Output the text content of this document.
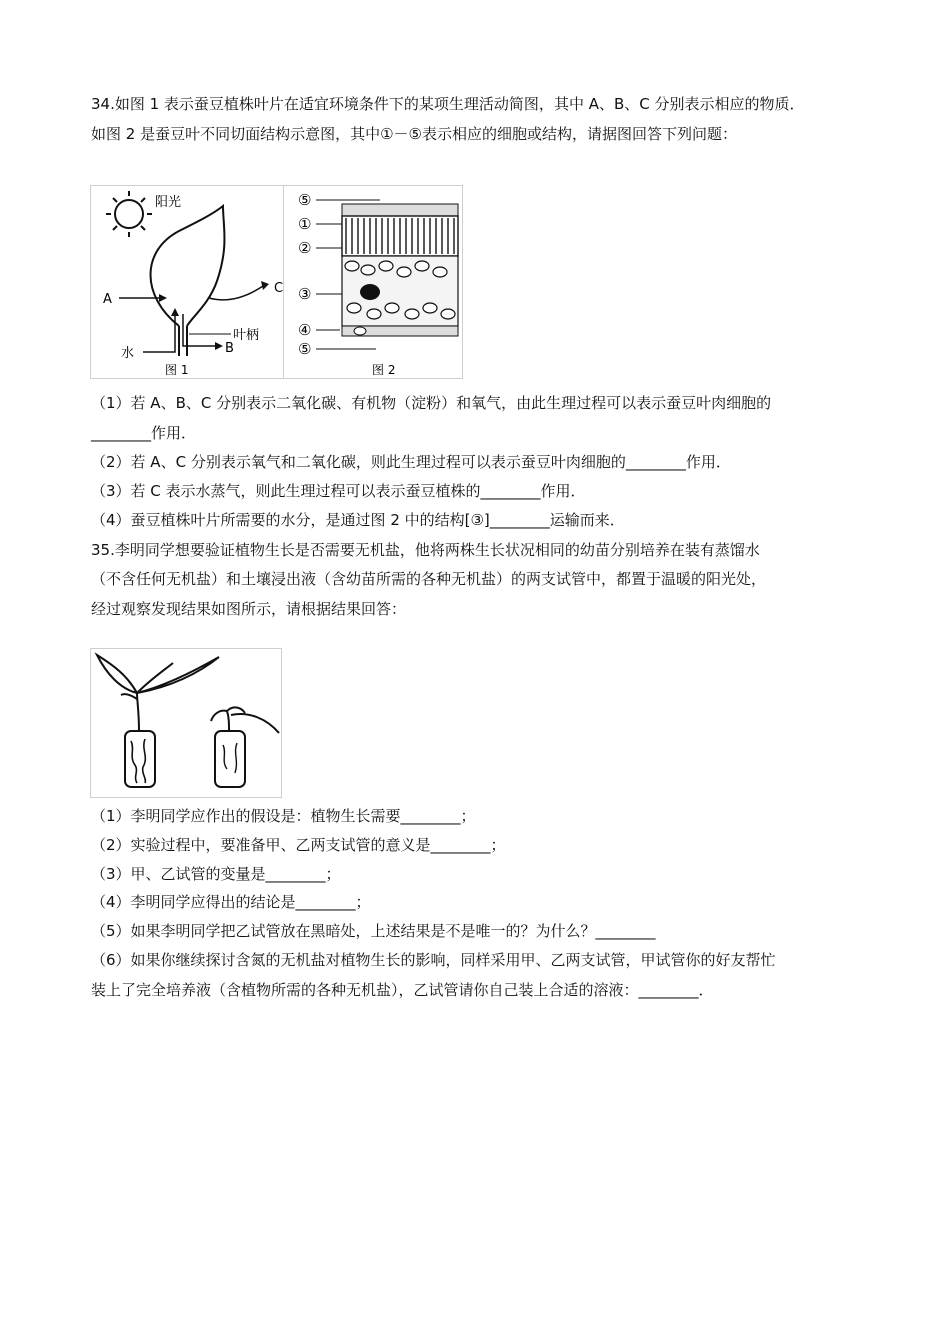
34.如图 1 表示蚕豆植株叶片在适宜环境条件下的某项生理活动简图，其中 A、B、C 分别表示相应的物质．
如图 2 是蚕豆叶不同切面结构示意图，其中①－⑤表示相应的细胞或结构，请据图回答下列问题：
阳光
A
C
水	B
叶柄
图 1
⑤
①
②
③
④
⑤
图 2
（1）若 A、B、C 分别表示二氧化碳、有机物（淀粉）和氧气，由此生理过程可以表示蚕豆叶肉细胞的
________作用．
（2）若 A、C 分别表示氧气和二氧化碳，则此生理过程可以表示蚕豆叶肉细胞的________作用．
（3）若 C 表示水蒸气，则此生理过程可以表示蚕豆植株的________作用．
（4）蚕豆植株叶片所需要的水分，是通过图 2 中的结构[③]________运输而来．
35.李明同学想要验证植物生长是否需要无机盐，他将两株生长状况相同的幼苗分别培养在装有蒸馏水
（不含任何无机盐）和土壤浸出液（含幼苗所需的各种无机盐）的两支试管中，都置于温暖的阳光处，
经过观察发现结果如图所示，请根据结果回答：
（1）李明同学应作出的假设是：植物生长需要________；
（2）实验过程中，要准备甲、乙两支试管的意义是________；
（3）甲、乙试管的变量是________；
（4）李明同学应得出的结论是________；
（5）如果李明同学把乙试管放在黑暗处，上述结果是不是唯一的？为什么？________
（6）如果你继续探讨含氮的无机盐对植物生长的影响，同样采用甲、乙两支试管，甲试管你的好友帮忙
装上了完全培养液（含植物所需的各种无机盐），乙试管请你自己装上合适的溶液：________．
